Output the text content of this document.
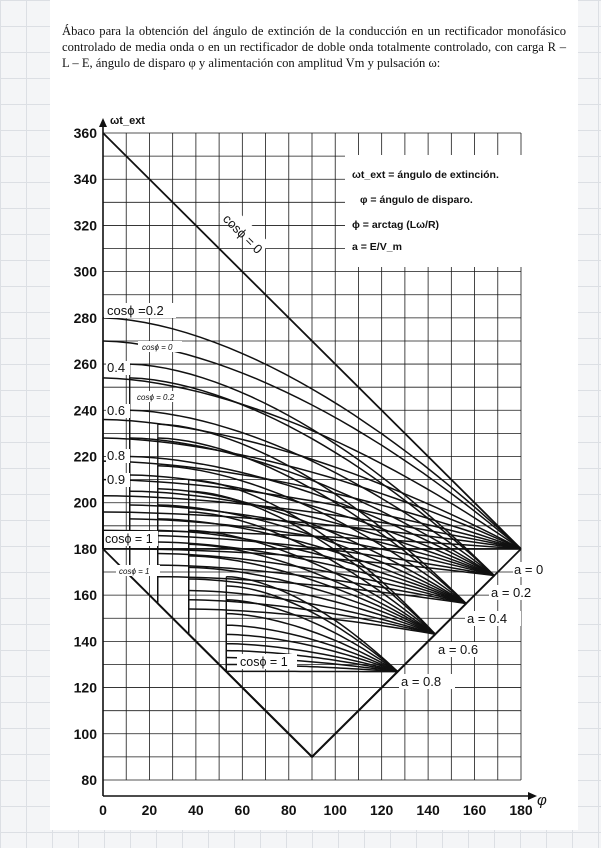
Ábaco para la obtención del ángulo de extinción de la conducción en un rectificador monofásico controlado de media onda o en un rectificador de doble onda totalmente controlado, con carga R – L – E, ángulo de disparo φ y alimentación con amplitud Vm y pulsación ω:

80
100
120
140
160
180
200
220
240
260
280
300
320
340
360
0 20 40 60 80 100 120 140 160 180
ωt_ext
φ
ωt_ext = ángulo de extinción.
φ = ángulo de disparo.
ϕ = arctag (Lω/R)
a = E/V_m
cosϕ = 0
cosϕ =0.2
0.4
0.6
0.8
0.9
cosϕ = 1
cosϕ = 0
cosϕ = 0.2
cosϕ = 1
cosϕ = 1
a = 0
a = 0.2
a = 0.4
a = 0.6
a = 0.8
